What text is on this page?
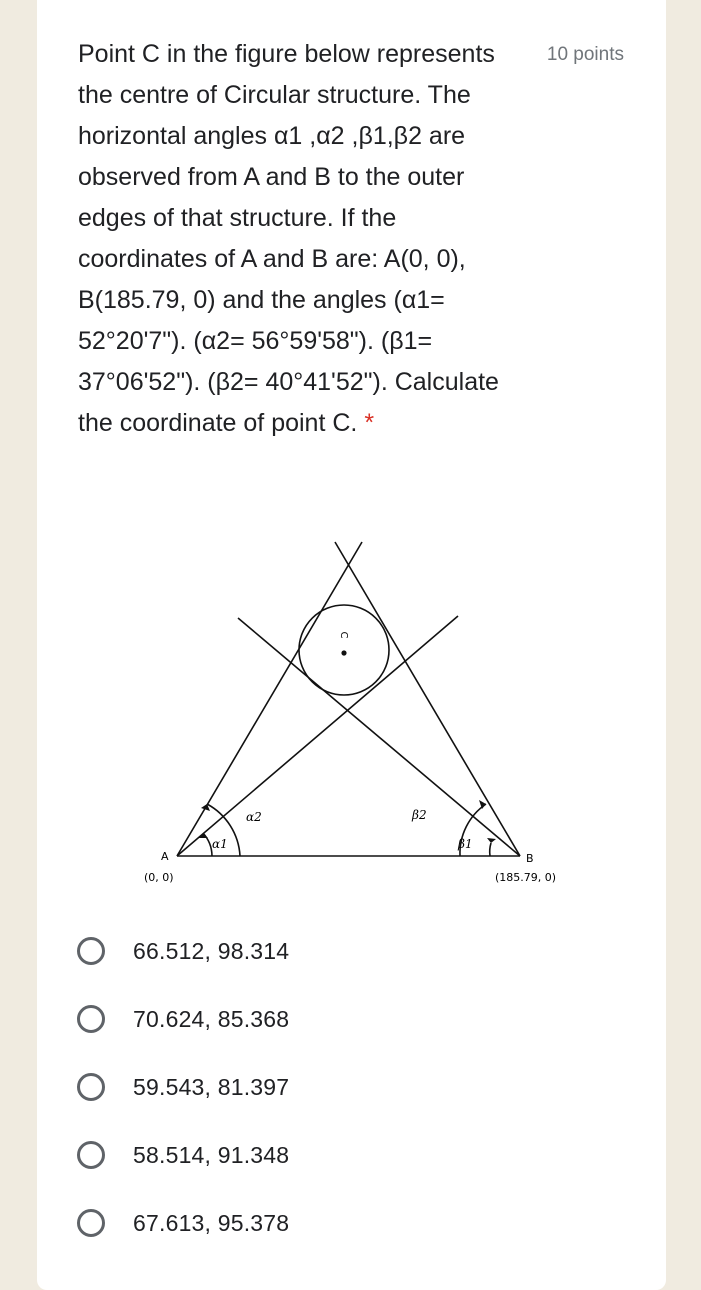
Point C in the figure below represents the centre of Circular structure. The horizontal angles α1 ,α2 ,β1,β2 are observed from A and B to the outer edges of that structure. If the coordinates of A and B are: A(0, 0), B(185.79, 0) and the angles (α1= 52°20'7"). (α2= 56°59'58"). (β1= 37°06'52"). (β2= 40°41'52"). Calculate the coordinate of point C. *

10 points
C
α1
α2
β1
β2
A
(0, 0)
B
(185.79, 0)
66.512, 98.314
70.624, 85.368
59.543, 81.397
58.514, 91.348
67.613, 95.378
